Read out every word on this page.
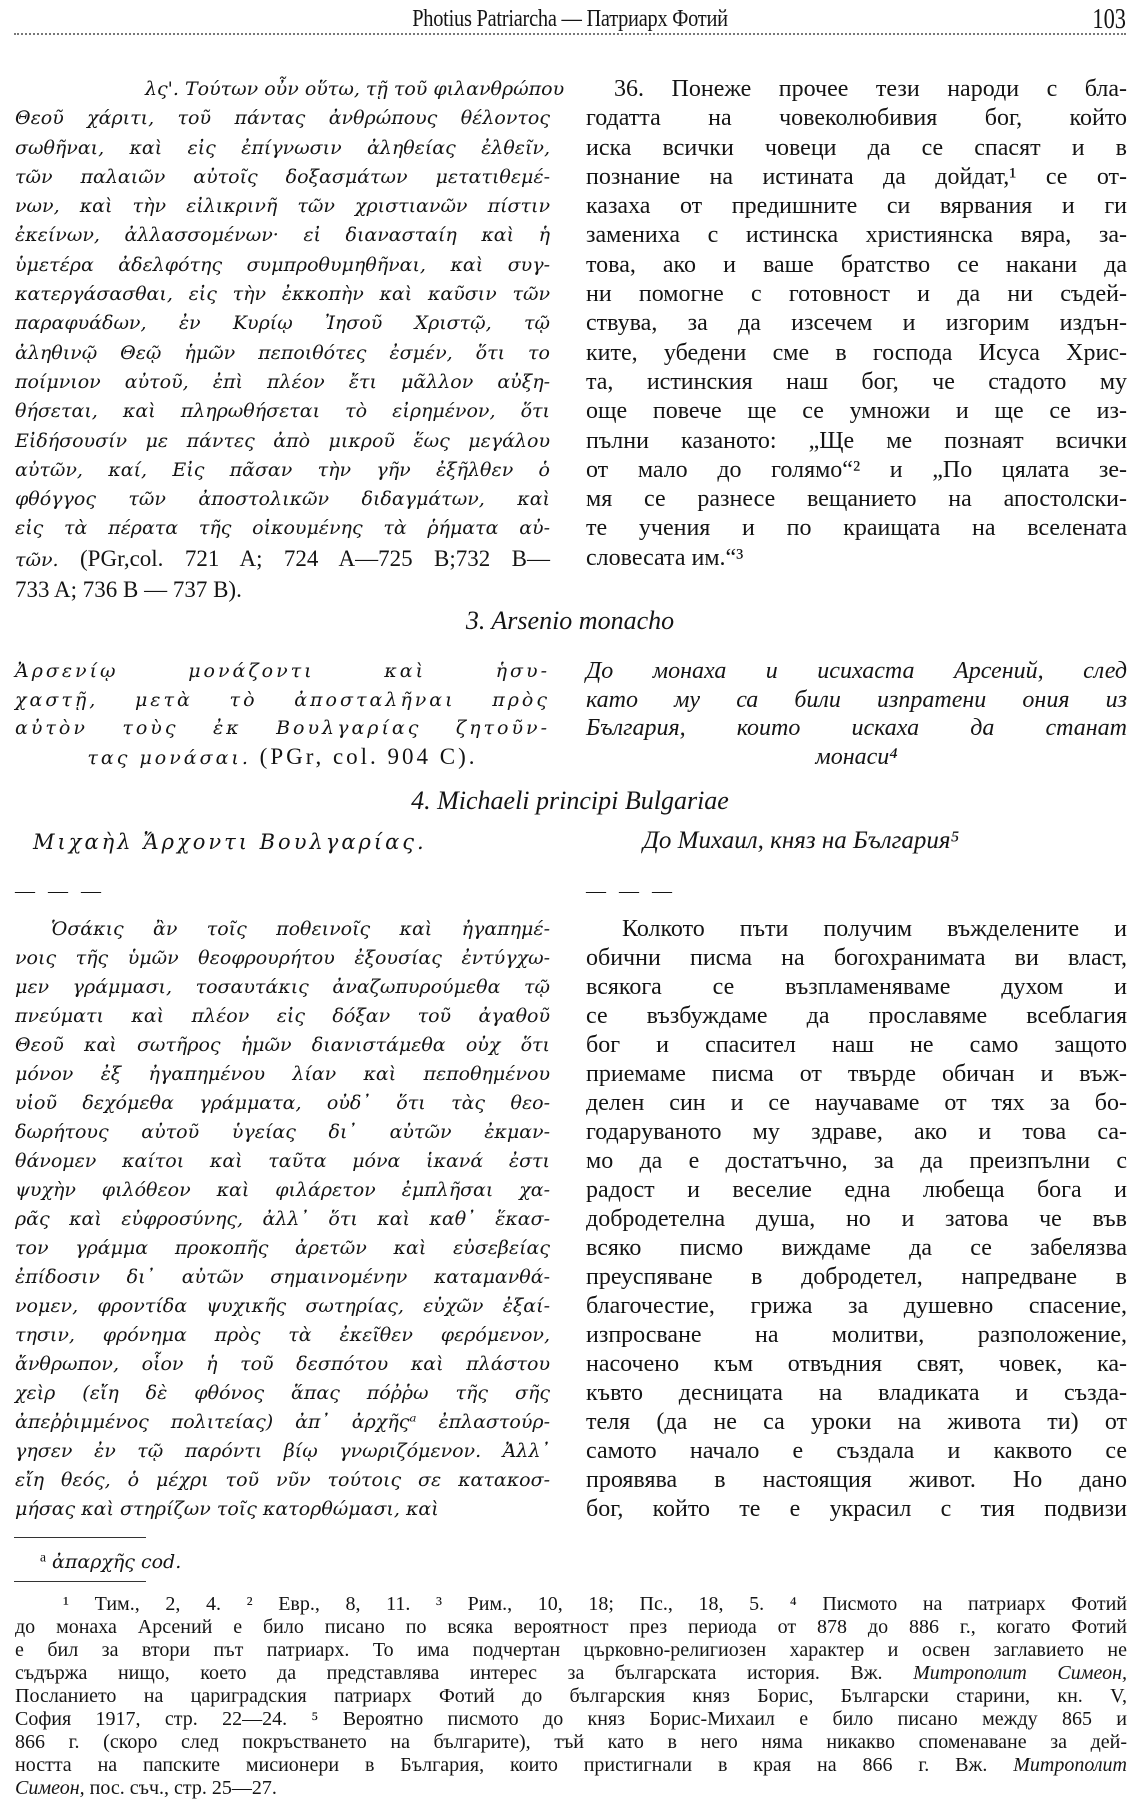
Photius Patriarcha — Патриарх Фотий	103
λς'. Τούτων οὖν οὕτω, τῇ τοῦ φιλανθρώπου
Θεοῦ χάριτι, τοῦ πάντας ἀνθρώπους θέλοντος
σωθῆναι, καὶ εἰς ἐπίγνωσιν ἀληθείας ἐλθεῖν,
τῶν παλαιῶν αὐτοῖς δοξασμάτων μετατιθεμέ-
νων, καὶ τὴν εἰλικρινῆ τῶν χριστιανῶν πίστιν
ἐκείνων, ἀλλασσομένων· εἰ διανασταίη καὶ ἡ
ὑμετέρα ἀδελφότης συμπροθυμηθῆναι, καὶ συγ-
κατεργάσασθαι, εἰς τὴν ἐκκοπὴν καὶ καῦσιν τῶν
παραφυάδων, ἐν Κυρίῳ Ἰησοῦ Χριστῷ, τῷ
ἀληθινῷ Θεῷ ἡμῶν πεποιθότες ἐσμέν, ὅτι το
ποίμνιον αὐτοῦ, ἐπὶ πλέον ἔτι μᾶλλον αὐξη-
θήσεται, καὶ πληρωθήσεται τὸ εἰρημένον, ὅτι
Εἰδήσουσίν με πάντες ἀπὸ μικροῦ ἕως μεγάλου
αὐτῶν, καί, Εἰς πᾶσαν τὴν γῆν ἐξῆλθεν ὁ
φθόγγος τῶν ἀποστολικῶν διδαγμάτων, καὶ
εἰς τὰ πέρατα τῆς οἰκουμένης τὰ ῥήματα αὐ-
τῶν. (PGr,col. 721 A; 724 A—725 B;732 B—
733 A; 736 B — 737 B).
36. Понеже прочее тези народи с бла-
годатта на човеколюбивия бог, който
иска всички човеци да се спасят и в
познание на истината да дойдат,¹ се от-
казаха от предишните си вярвания и ги
замениха с истинска християнска вяра, за-
това, ако и ваше братство се накани да
ни помогне с готовност и да ни съдей-
ствува, за да изсечем и изгорим издън-
ките, убедени сме в господа Исуса Хрис-
та, истинския наш бог, че стадото му
още повече ще се умножи и ще се из-
пълни казаното: „Ще ме познаят всички
от мало до голямо“² и „По цялата зе-
мя се разнесе вещанието на апостолски-
те учения и по краищата на вселената
словесата им.“³
3. Arsenio monacho
Ἀρσενίῳ μονάζοντι καὶ ἡσυ-
χαστῇ, μετὰ τὸ ἀποσταλῆναι πρὸς
αὐτὸν τοὺς ἐκ Βουλγαρίας ζητοῦν-
τας μονάσαι. (PGr, col. 904 C).
До монаха и исихаста Арсений, след
като му са били изпратени ония из
България, които искаха да станат
монаси⁴
4. Michaeli principi Bulgariae
Μιχαὴλ Ἄρχοντι Βουλγαρίας.	До Михаил, княз на България⁵
— — —	— — —
Ὁσάκις ἂν τοῖς ποθεινοῖς καὶ ἠγαπημέ-
νοις τῆς ὑμῶν θεοφρουρήτου ἐξουσίας ἐντύγχω-
μεν γράμμασι, τοσαυτάκις ἀναζωπυρούμεθα τῷ
πνεύματι καὶ πλέον εἰς δόξαν τοῦ ἀγαθοῦ
Θεοῦ καὶ σωτῆρος ἡμῶν διανιστάμεθα οὐχ ὅτι
μόνον ἐξ ἠγαπημένου λίαν καὶ πεποθημένου
υἱοῦ δεχόμεθα γράμματα, οὐδ᾽ ὅτι τὰς θεο-
δωρήτους αὐτοῦ ὑγείας δι᾽ αὐτῶν ἐκμαν-
θάνομεν καίτοι καὶ ταῦτα μόνα ἱκανά ἐστι
ψυχὴν φιλόθεον καὶ φιλάρετον ἐμπλῆσαι χα-
ρᾶς καὶ εὐφροσύνης, ἀλλ᾽ ὅτι καὶ καθ᾽ ἕκασ-
τον γράμμα προκοπῆς ἀρετῶν καὶ εὐσεβείας
ἐπίδοσιν δι᾽ αὐτῶν σημαινομένην καταμανθά-
νομεν, φροντίδα ψυχικῆς σωτηρίας, εὐχῶν ἐξαί-
τησιν, φρόνημα πρὸς τὰ ἐκεῖθεν φερόμενον,
ἄνθρωπον, οἷον ἡ τοῦ δεσπότου καὶ πλάστου
χεὶρ (εἴη δὲ φθόνος ἅπας πόῤῥω τῆς σῆς
ἀπεῤῥιμμένος πολιτείας) ἀπ᾽ ἀρχῆςᵃ ἐπλαστούρ-
γησεν ἐν τῷ παρόντι βίῳ γνωριζόμενον. Ἀλλ᾽
εἴη θεός, ὁ μέχρι τοῦ νῦν τούτοις σε κατακοσ-
μήσας καὶ στηρίζων τοῖς κατορθώμασι, καὶ
Колкото пъти получим въжделените и
обични писма на богохранимата ви власт,
всякога се възпламеняваме духом и
се възбуждаме да прославяме всеблагия
бог и спасител наш не само защото
приемаме писма от твърде обичан и въж-
делен син и се научаваме от тях за бо-
годаруваното му здраве, ако и това са-
мо да е достатъчно, за да преизпълни с
радост и веселие една любеща бога и
добродетелна душа, но и затова че във
всяко писмо виждаме да се забелязва
преуспяване в добродетел, напредване в
благочестие, грижа за душевно спасение,
изпросване на молитви, разположение,
насочено към отвъдния свят, човек, ка-
къвто десницата на владиката и създа-
теля (да не са уроки на живота ти) от
самото начало е създала и каквото се
проявява в настоящия живот. Но дано
бог, който те е украсил с тия подвизи
ᵃ ἀπαρχῆς cod.
¹ Тим., 2, 4. ² Евр., 8, 11. ³ Рим., 10, 18; Пс., 18, 5. ⁴ Писмото на патриарх Фотий
до монаха Арсений е било писано по всяка вероятност през периода от 878 до 886 г., когато Фотий
е бил за втори път патриарх. То има подчертан църковно-религиозен характер и освен заглавието не
съдържа нищо, което да представлява интерес за българската история. Вж. Митрополит Симеон,
Посланието на цариградския патриарх Фотий до българския княз Борис, Български старини, кн. V,
София 1917, стр. 22—24. ⁵ Вероятно писмото до княз Борис-Михаил е било писано между 865 и
866 г. (скоро след покръстването на българите), тъй като в него няма никакво споменаване за дей-
ността на папските мисионери в България, които пристигнали в края на 866 г. Вж. Митрополит
Симеон, пос. съч., стр. 25—27.
